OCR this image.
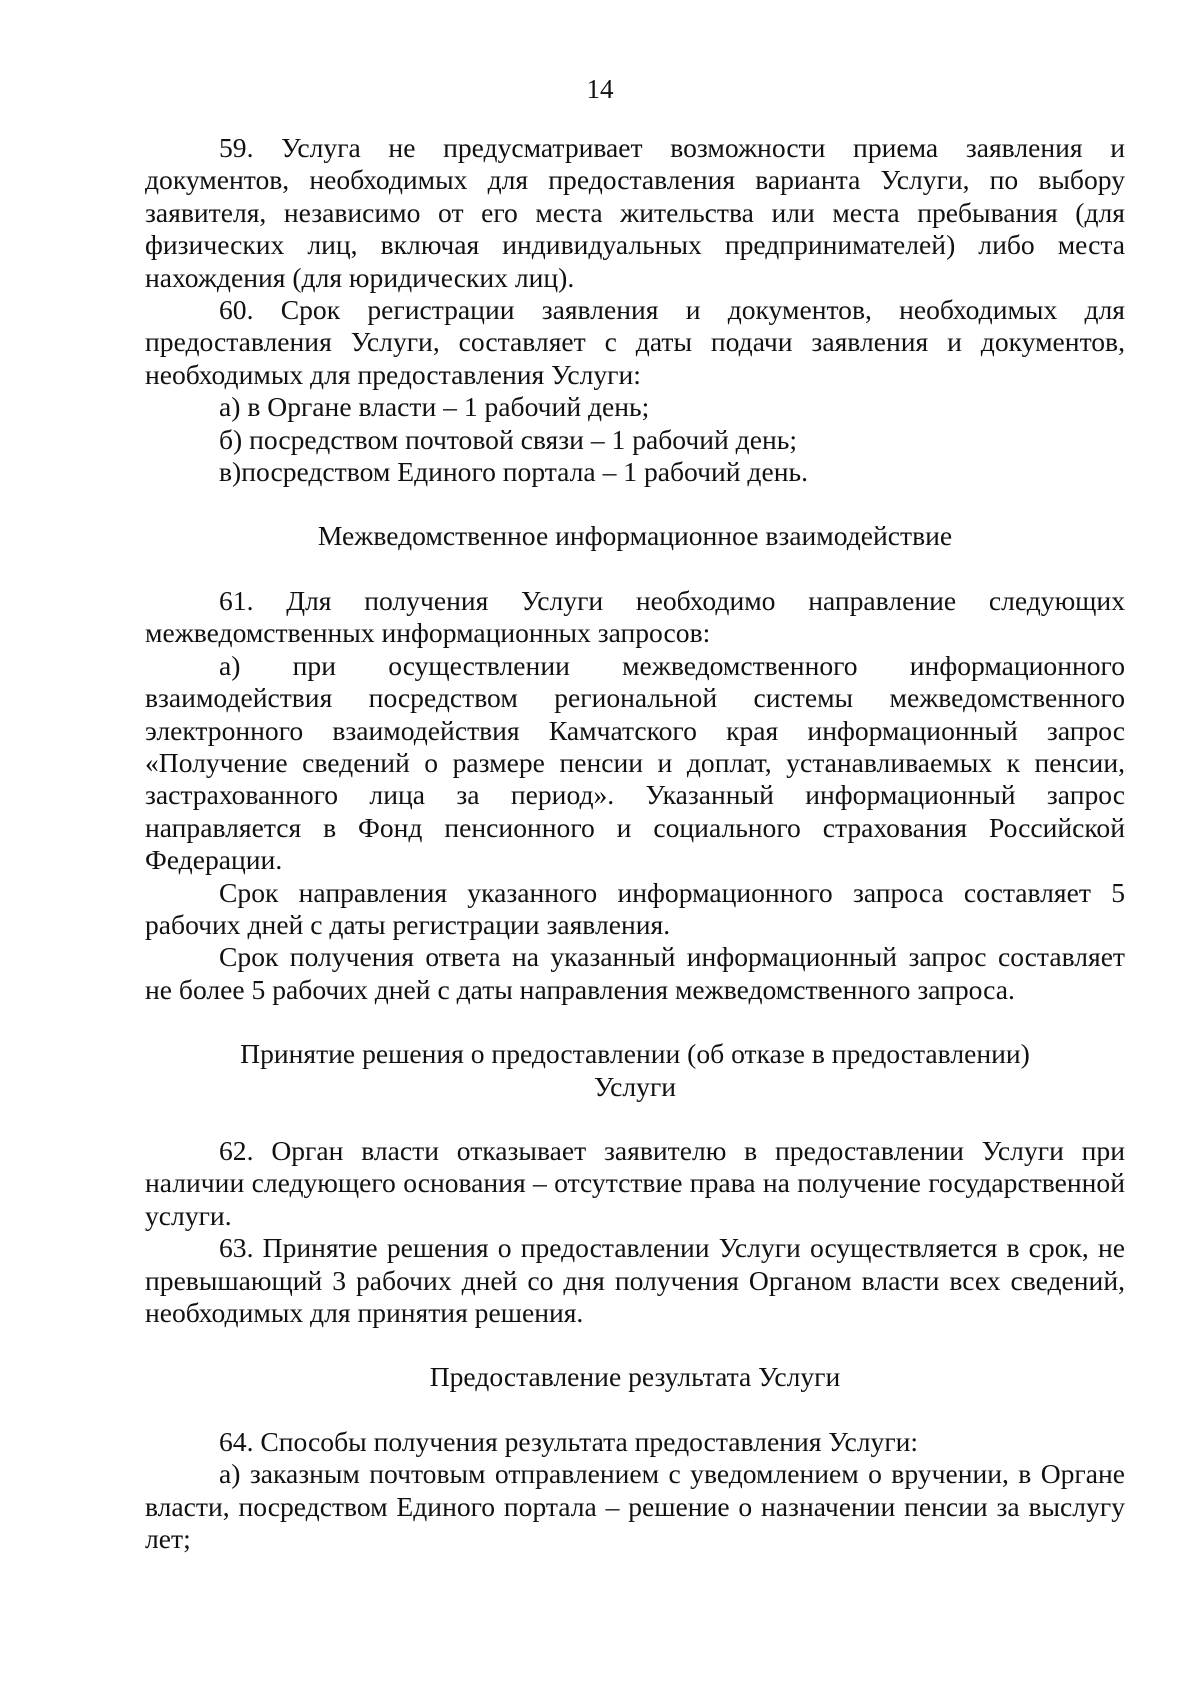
14

59. Услуга не предусматривает возможности приема заявления и документов, необходимых для предоставления варианта Услуги, по выбору заявителя, независимо от его места жительства или места пребывания (для физических лиц, включая индивидуальных предпринимателей) либо места нахождения (для юридических лиц).

60. Срок регистрации заявления и документов, необходимых для предоставления Услуги, составляет с даты подачи заявления и документов, необходимых для предоставления Услуги:

а) в Органе власти – 1 рабочий день;

б) посредством почтовой связи – 1 рабочий день;

в)посредством Единого портала – 1 рабочий день.

Межведомственное информационное взаимодействие

61. Для получения Услуги необходимо направление следующих межведомственных информационных запросов:

а) при осуществлении межведомственного информационного взаимодействия посредством региональной системы межведомственного электронного взаимодействия Камчатского края информационный запрос «Получение сведений о размере пенсии и доплат, устанавливаемых к пенсии, застрахованного лица за период». Указанный информационный запрос направляется в Фонд пенсионного и социального страхования Российской Федерации.

Срок направления указанного информационного запроса составляет 5 рабочих дней с даты регистрации заявления.

Срок получения ответа на указанный информационный запрос составляет не более 5 рабочих дней с даты направления межведомственного запроса.

Принятие решения о предоставлении (об отказе в предоставлении)
Услуги

62. Орган власти отказывает заявителю в предоставлении Услуги при наличии следующего основания – отсутствие права на получение государственной услуги.

63. Принятие решения о предоставлении Услуги осуществляется в срок, не превышающий 3 рабочих дней со дня получения Органом власти всех сведений, необходимых для принятия решения.

Предоставление результата Услуги

64. Способы получения результата предоставления Услуги:

а) заказным почтовым отправлением с уведомлением о вручении, в Органе власти, посредством Единого портала – решение о назначении пенсии за выслугу лет;
